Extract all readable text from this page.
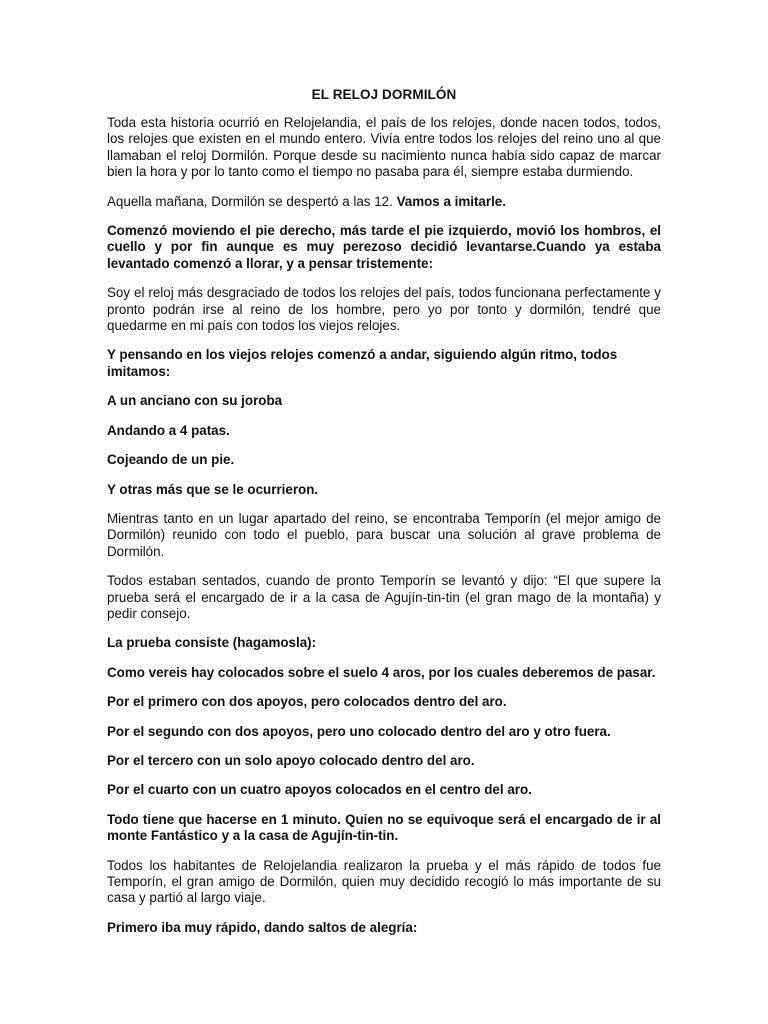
EL RELOJ DORMILÓN

Toda esta historia ocurrió en Relojelandia, el país de los relojes, donde nacen todos, todos, los relojes que existen en el mundo entero. Vivía entre todos los relojes del reino uno al que llamaban el reloj Dormilón. Porque desde su nacimiento nunca había sido capaz de marcar bien la hora y por lo tanto como el tiempo no pasaba para él, siempre estaba durmiendo.

Aquella mañana, Dormilón se despertó a las 12. Vamos a imitarle.

Comenzó moviendo el pie derecho, más tarde el pie izquierdo, movió los hombros, el cuello y por fin aunque es muy perezoso decidió levantarse.Cuando ya estaba levantado comenzó a llorar, y a pensar tristemente:

Soy el reloj más desgraciado de todos los relojes del país, todos funcionana perfectamente y pronto podrán irse al reino de los hombre, pero yo por tonto y dormilón, tendré que quedarme en mi país con todos los viejos relojes.

Y pensando en los viejos relojes comenzó a andar, siguiendo algún ritmo, todos imitamos:

A un anciano con su joroba

Andando a 4 patas.

Cojeando de un pie.

Y otras más que se le ocurrieron.

Mientras tanto en un lugar apartado del reino, se encontraba Temporín (el mejor amigo de Dormilón) reunido con todo el pueblo, para buscar una solución al grave problema de Dormilón.

Todos estaban sentados, cuando de pronto Temporín se levantó y dijo: “El que supere la prueba será el encargado de ir a la casa de Agujín-tin-tin (el gran mago de la montaña) y pedir consejo.

La prueba consiste (hagamosla):

Como vereis hay colocados sobre el suelo 4 aros, por los cuales deberemos de pasar.

Por el primero con dos apoyos, pero colocados dentro del aro.

Por el segundo con dos apoyos, pero uno colocado dentro del aro y otro fuera.

Por el tercero con un solo apoyo colocado dentro del aro.

Por el cuarto con un cuatro apoyos colocados en el centro del aro.

Todo tiene que hacerse en 1 minuto. Quien no se equivoque será el encargado de ir al monte Fantástico y a la casa de Agujín-tin-tin.

Todos los habitantes de Relojelandia realizaron la prueba y el más rápido de todos fue Temporín, el gran amigo de Dormilón, quien muy decidido recogió lo más importante de su casa y partió al largo viaje.

Primero iba muy rápido, dando saltos de alegría:
